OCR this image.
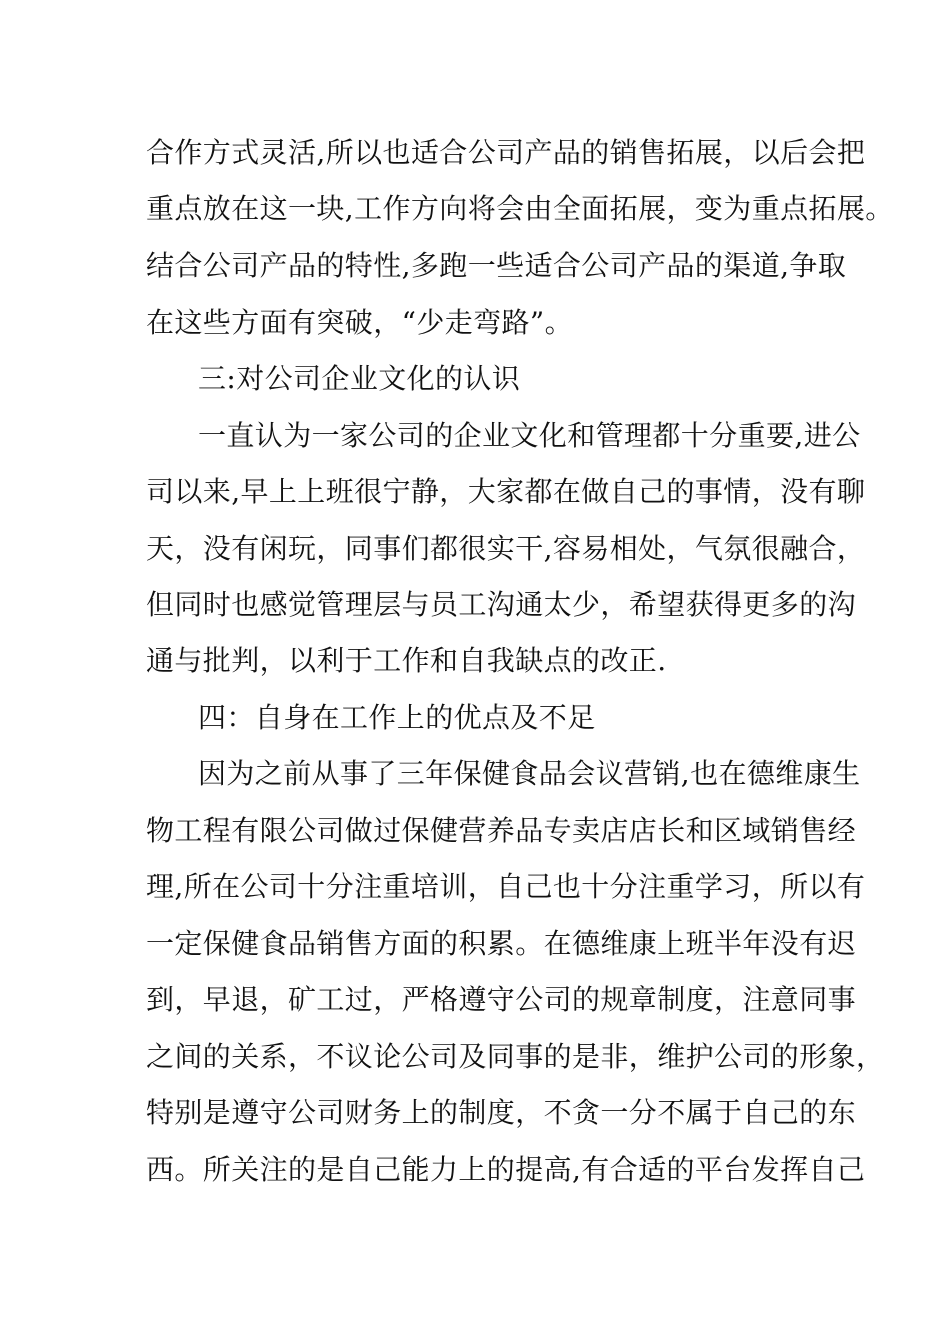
合作方式灵活,所以也适合公司产品的销售拓展，以后会把
重点放在这一块,工作方向将会由全面拓展，变为重点拓展。
结合公司产品的特性,多跑一些适合公司产品的渠道,争取
在这些方面有突破，“少走弯路”。
三:对公司企业文化的认识
一直认为一家公司的企业文化和管理都十分重要,进公
司以来,早上上班很宁静，大家都在做自己的事情，没有聊
天，没有闲玩，同事们都很实干,容易相处，气氛很融合，
但同时也感觉管理层与员工沟通太少，希望获得更多的沟
通与批判，以利于工作和自我缺点的改正.
四：自身在工作上的优点及不足
因为之前从事了三年保健食品会议营销,也在德维康生
物工程有限公司做过保健营养品专卖店店长和区域销售经
理,所在公司十分注重培训，自己也十分注重学习，所以有
一定保健食品销售方面的积累。在德维康上班半年没有迟
到，早退，矿工过，严格遵守公司的规章制度，注意同事
之间的关系，不议论公司及同事的是非，维护公司的形象，
特别是遵守公司财务上的制度，不贪一分不属于自己的东
西。所关注的是自己能力上的提高,有合适的平台发挥自己
